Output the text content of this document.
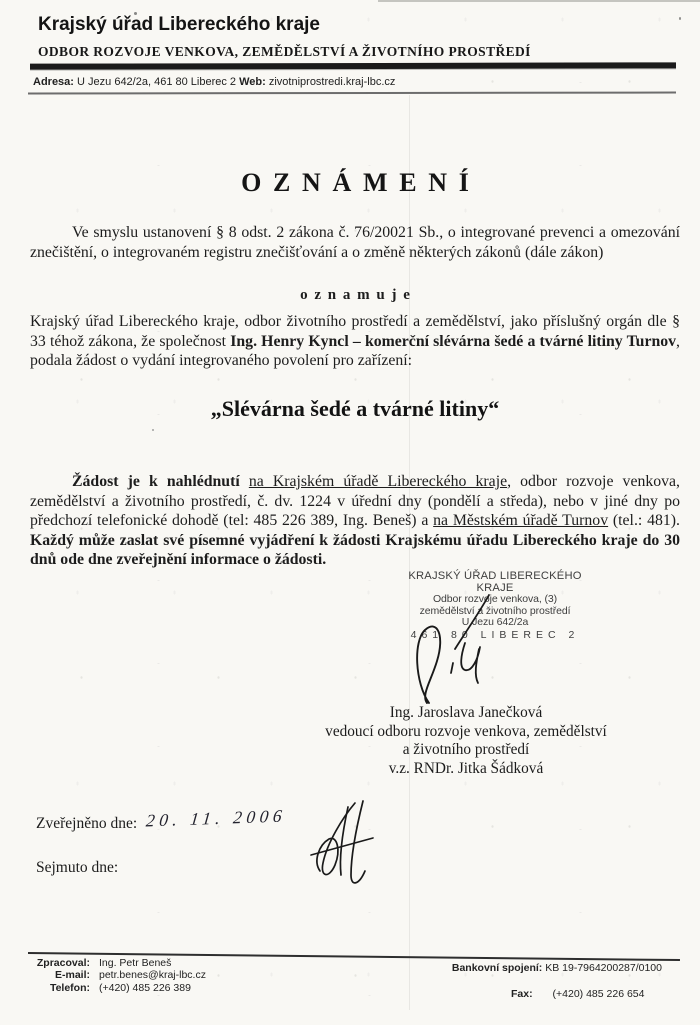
Krajský úřad Libereckého kraje
ODBOR ROZVOJE VENKOVA, ZEMĚDĚLSTVÍ A ŽIVOTNÍHO PROSTŘEDÍ
Adresa: U Jezu 642/2a, 461 80 Liberec 2 Web: zivotniprostredi.kraj-lbc.cz
OZNÁMENÍ
Ve smyslu ustanovení § 8 odst. 2 zákona č. 76/20021 Sb., o integrované prevenci a omezování znečištění, o integrovaném registru znečišťování a o změně některých zákonů (dále zákon)
oznamuje
Krajský úřad Libereckého kraje, odbor životního prostředí a zemědělství, jako příslušný orgán dle § 33 téhož zákona, že společnost Ing. Henry Kyncl – komerční slévárna šedé a tvárné litiny Turnov, podala žádost o vydání integrovaného povolení pro zařízení:
„Slévárna šedé a tvárné litiny“
Žádost je k nahlédnutí na Krajském úřadě Libereckého kraje, odbor rozvoje venkova, zemědělství a životního prostředí, č. dv. 1224 v úřední dny (pondělí a středa), nebo v jiné dny po předchozí telefonické dohodě (tel: 485 226 389, Ing. Beneš) a na Městském úřadě Turnov (tel.: 481). Každý může zaslat své písemné vyjádření k žádosti Krajskému úřadu Libereckého kraje do 30 dnů ode dne zveřejnění informace o žádosti.
KRAJSKÝ ÚŘAD LIBERECKÉHO KRAJE
Odbor rozvoje venkova, (3)
zemědělství a životního prostředí
U Jezu 642/2a
461 80 LIBEREC 2
Ing. Jaroslava Janečková
vedoucí odboru rozvoje venkova, zemědělství
a životního prostředí
v.z. RNDr. Jitka Šádková
Zveřejněno dne: 20. 11. 2006
Sejmuto dne:
Zpracoval: Ing. Petr Beneš
E-mail: petr.benes@kraj-lbc.cz
Telefon: (+420) 485 226 389
Bankovní spojení: KB 19-7964200287/0100
Fax: (+420) 485 226 654
